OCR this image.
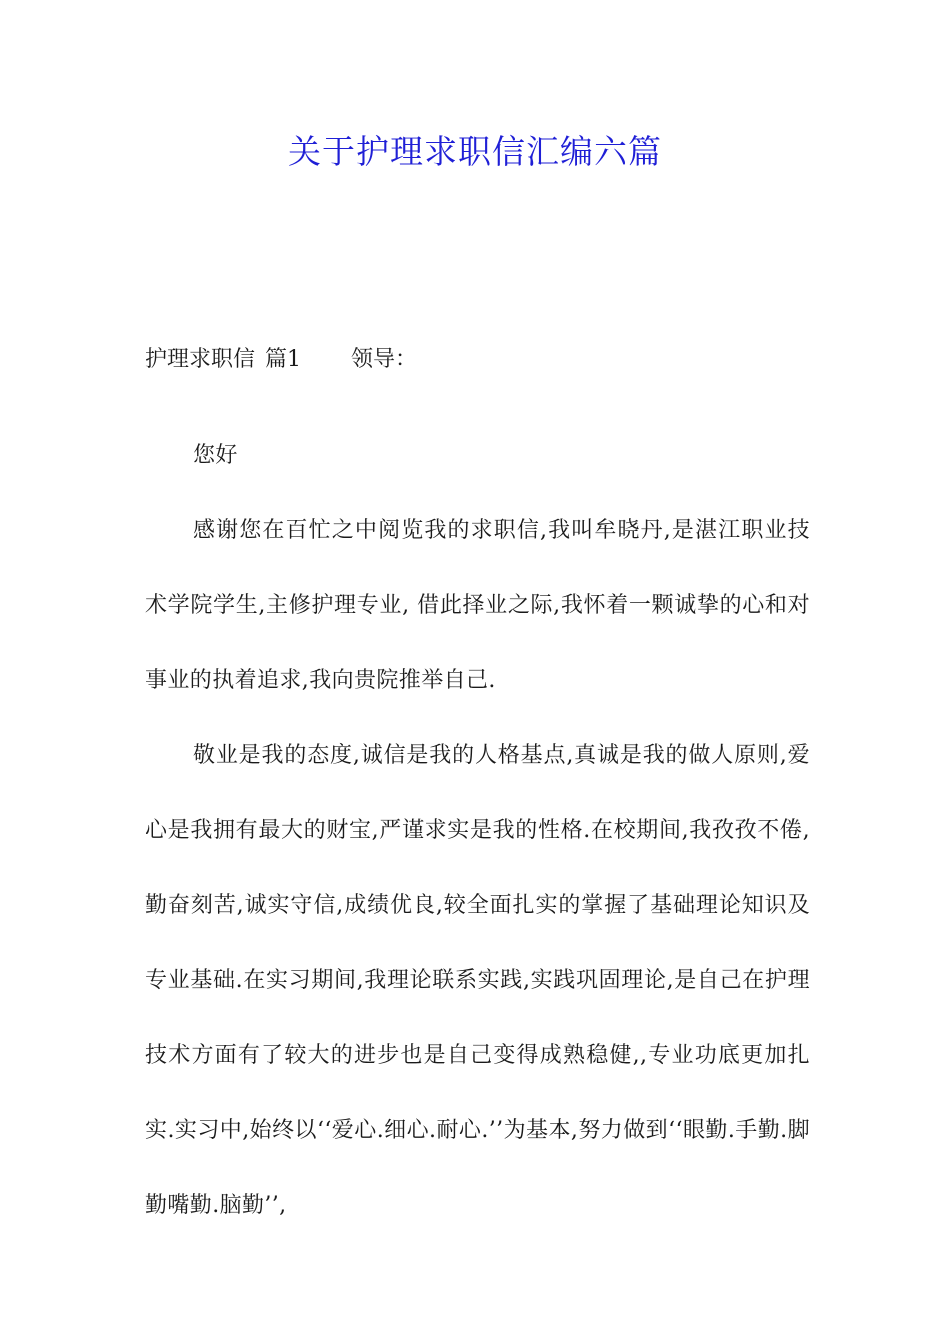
关于护理求职信汇编六篇
护理求职信 篇1 领导：

您好

感谢您在百忙之中阅览我的求职信,我叫牟晓丹,是湛江职业技术学院学生,主修护理专业, 借此择业之际,我怀着一颗诚挚的心和对事业的执着追求,我向贵院推举自己.

敬业是我的态度,诚信是我的人格基点,真诚是我的做人原则,爱心是我拥有最大的财宝,严谨求实是我的性格.在校期间,我孜孜不倦,勤奋刻苦,诚实守信,成绩优良,较全面扎实的掌握了基础理论知识及专业基础.在实习期间,我理论联系实践,实践巩固理论,是自己在护理技术方面有了较大的进步也是自己变得成熟稳健,,专业功底更加扎实.实习中,始终以‘‘爱心.细心.耐心.’’为基本,努力做到‘‘眼勤.手勤.脚勤嘴勤.脑勤’’,
